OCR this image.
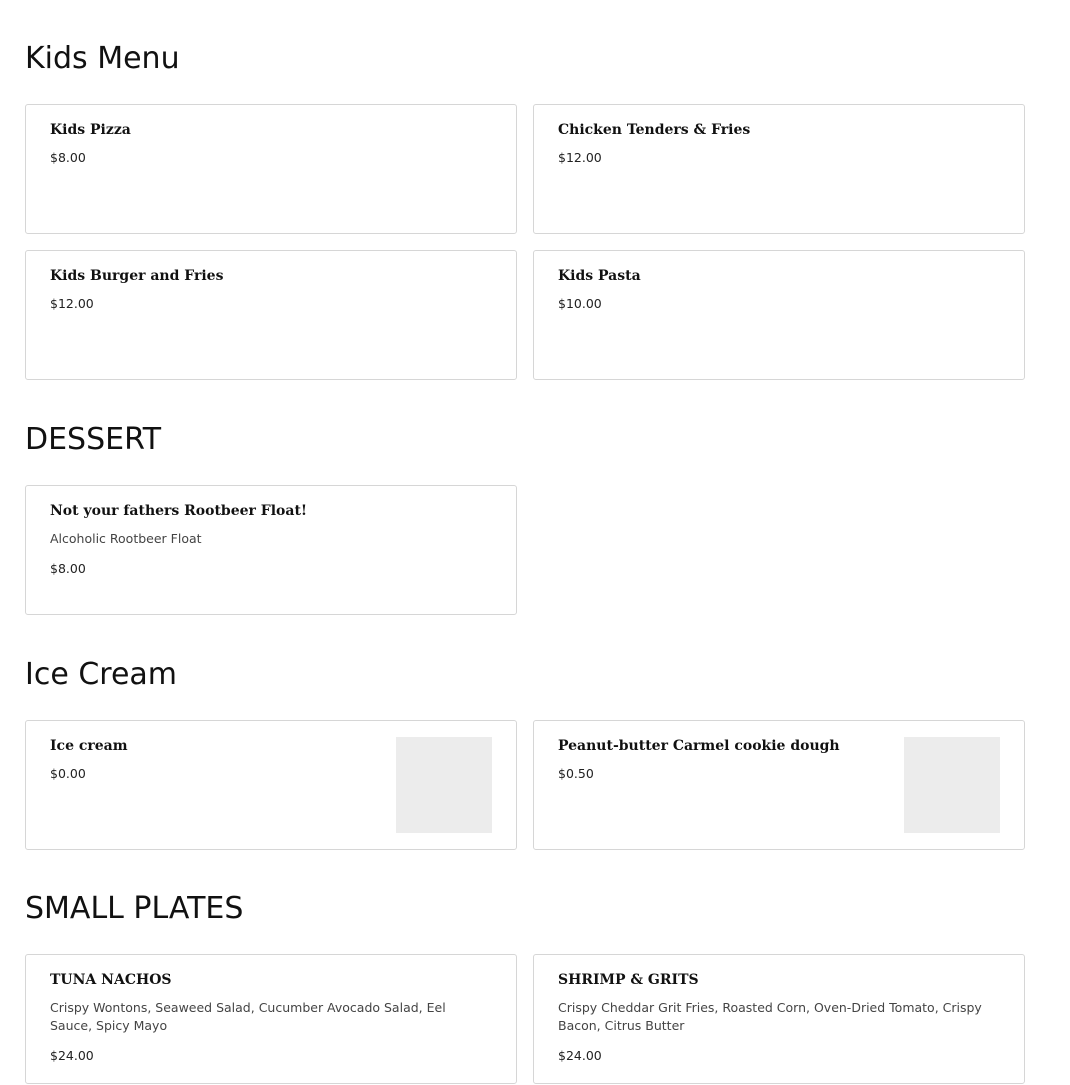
Kids Menu
Kids Pizza
$8.00
Chicken Tenders & Fries
$12.00
Kids Burger and Fries
$12.00
Kids Pasta
$10.00
DESSERT
Not your fathers Rootbeer Float!
Alcoholic Rootbeer Float
$8.00
Ice Cream
Ice cream
$0.00
Peanut-butter Carmel cookie dough
$0.50
SMALL PLATES
TUNA NACHOS
Crispy Wontons, Seaweed Salad, Cucumber Avocado Salad, Eel Sauce, Spicy Mayo
$24.00
SHRIMP & GRITS
Crispy Cheddar Grit Fries, Roasted Corn, Oven-Dried Tomato, Crispy Bacon, Citrus Butter
$24.00
